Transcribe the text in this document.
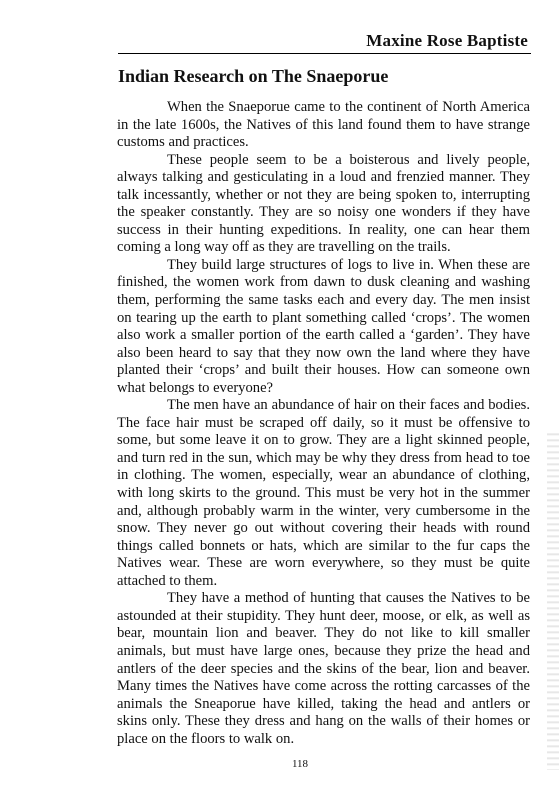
Maxine Rose Baptiste
Indian Research on The Snaeporue

When the Snaeporue came to the continent of North America in the late 1600s, the Natives of this land found them to have strange customs and practices.

These people seem to be a boisterous and lively people, always talking and gesticulating in a loud and frenzied manner. They talk incessantly, whether or not they are being spoken to, interrupting the speaker constantly. They are so noisy one wonders if they have success in their hunting expeditions. In reality, one can hear them coming a long way off as they are travelling on the trails.

They build large structures of logs to live in. When these are finished, the women work from dawn to dusk cleaning and washing them, performing the same tasks each and every day. The men insist on tearing up the earth to plant something called ‘crops’. The women also work a smaller portion of the earth called a ‘garden’. They have also been heard to say that they now own the land where they have planted their ‘crops’ and built their houses. How can someone own what belongs to everyone?

The men have an abundance of hair on their faces and bodies. The face hair must be scraped off daily, so it must be offensive to some, but some leave it on to grow. They are a light skinned people, and turn red in the sun, which may be why they dress from head to toe in clothing. The women, especially, wear an abundance of clothing, with long skirts to the ground. This must be very hot in the summer and, although probably warm in the winter, very cumbersome in the snow. They never go out without covering their heads with round things called bonnets or hats, which are similar to the fur caps the Natives wear. These are worn everywhere, so they must be quite attached to them.

They have a method of hunting that causes the Natives to be astounded at their stupidity. They hunt deer, moose, or elk, as well as bear, mountain lion and beaver. They do not like to kill smaller animals, but must have large ones, because they prize the head and antlers of the deer species and the skins of the bear, lion and beaver. Many times the Natives have come across the rotting carcasses of the animals the Sneaporue have killed, taking the head and antlers or skins only. These they dress and hang on the walls of their homes or place on the floors to walk on.

118
